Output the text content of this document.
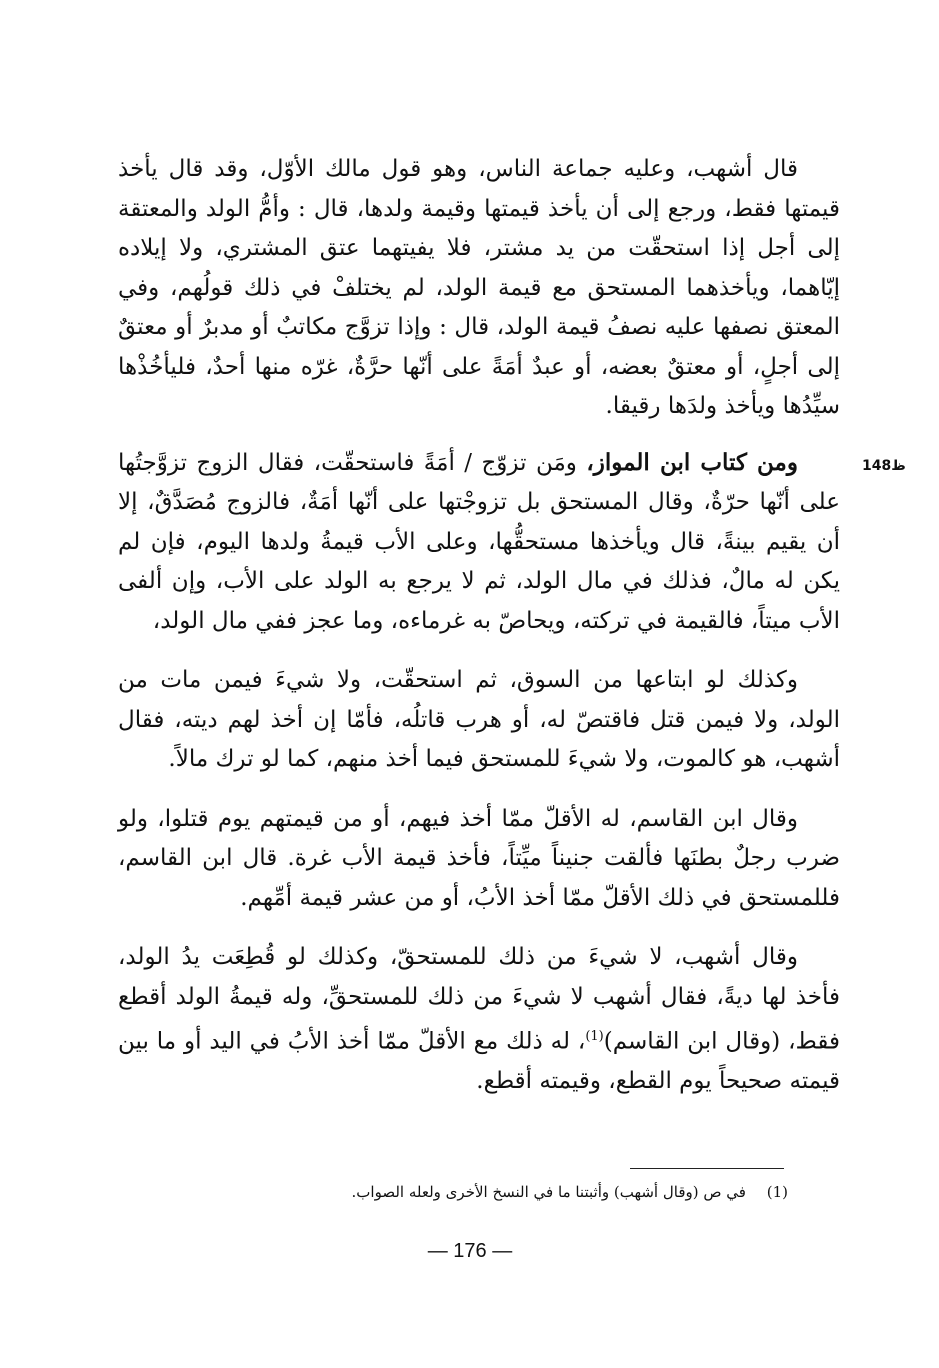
148ظ

قال أشهب، وعليه جماعة الناس، وهو قول مالك الأوّل، وقد قال يأخذ قيمتها فقط، ورجع إلى أن يأخذ قيمتها وقيمة ولدها، قال : وأمُّ الولد والمعتقة إلى أجل إذا استحقّت من يد مشتر، فلا يفيتهما عتق المشتري، ولا إيلاده إيّاهما، ويأخذهما المستحق مع قيمة الولد، لم يختلفْ في ذلك قولُهم، وفي المعتق نصفها عليه نصفُ قيمة الولد، قال : وإذا تزوَّج مكاتبٌ أو مدبرٌ أو معتقٌ إلى أجلٍ، أو معتقٌ بعضه، أو عبدٌ أمَةً على أنّها حرَّةٌ، غرّه منها أحدٌ، فليأخُذْها سيِّدُها ويأخذ ولدَها رقيقا.

ومن كتاب ابن المواز، ومَن تزوّج / أمَةً فاستحقّت، فقال الزوج تزوَّجتُها على أنّها حرّةٌ، وقال المستحق بل تزوجْتها على أنّها أمَةٌ، فالزوج مُصَدَّقٌ، إلا أن يقيم بينةً، قال ويأخذها مستحقُّها، وعلى الأب قيمةُ ولدها اليوم، فإن لم يكن له مالٌ، فذلك في مال الولد، ثم لا يرجع به الولد على الأب، وإن ألفى الأب ميتاً، فالقيمة في تركته، ويحاصّ به غرماءه، وما عجز ففي مال الولد،

وكذلك لو ابتاعها من السوق، ثم استحقّت، ولا شيءَ فيمن مات من الولد، ولا فيمن قتل فاقتصّ له، أو هرب قاتلُه، فأمّا إن أخذ لهم ديته، فقال أشهب، هو كالموت، ولا شيءَ للمستحق فيما أخذ منهم، كما لو ترك مالاً.

وقال ابن القاسم، له الأقلّ ممّا أخذ فيهم، أو من قيمتهم يوم قتلوا، ولو ضرب رجلٌ بطنَها فألقت جنيناً ميِّتاً، فأخذ قيمة الأب غرة. قال ابن القاسم، فللمستحق في ذلك الأقلّ ممّا أخذ الأبُ، أو من عشر قيمة أمِّهم.

وقال أشهب، لا شيءَ من ذلك للمستحقّ، وكذلك لو قُطِعَت يدُ الولد، فأخذ لها ديةً، فقال أشهب لا شيءَ من ذلك للمستحقِّ، وله قيمةُ الولد أقطع فقط، (وقال ابن القاسم)$^{(1)}$، له ذلك مع الأقلّ ممّا أخذ الأبُ في اليد أو ما بين قيمته صحيحاً يوم القطع، وقيمته أقطع.

(1) في ص (وقال أشهب) وأثبتنا ما في النسخ الأخرى ولعله الصواب.
— 176 —
